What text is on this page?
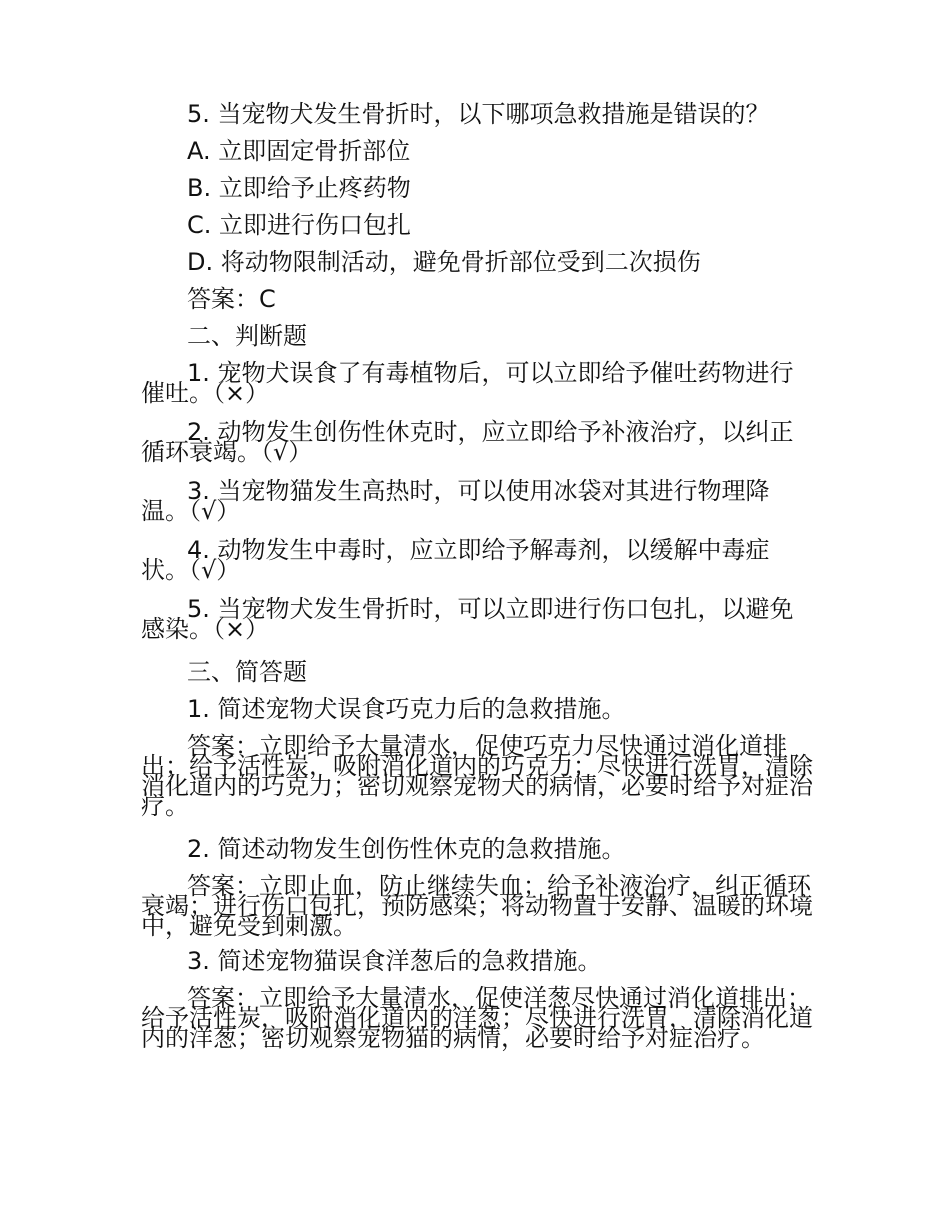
5. 当宠物犬发生骨折时，以下哪项急救措施是错误的？

A. 立即固定骨折部位

B. 立即给予止疼药物

C. 立即进行伤口包扎

D. 将动物限制活动，避免骨折部位受到二次损伤

答案：C

二、判断题

1. 宠物犬误食了有毒植物后，可以立即给予催吐药物进行催吐。（×）

2. 动物发生创伤性休克时，应立即给予补液治疗，以纠正循环衰竭。（√）

3. 当宠物猫发生高热时，可以使用冰袋对其进行物理降温。（√）

4. 动物发生中毒时，应立即给予解毒剂，以缓解中毒症状。（√）

5. 当宠物犬发生骨折时，可以立即进行伤口包扎，以避免感染。（×）

三、简答题

1. 简述宠物犬误食巧克力后的急救措施。

答案：立即给予大量清水，促使巧克力尽快通过消化道排出；给予活性炭，吸附消化道内的巧克力；尽快进行洗胃，清除消化道内的巧克力；密切观察宠物犬的病情，必要时给予对症治疗。

2. 简述动物发生创伤性休克的急救措施。

答案：立即止血，防止继续失血；给予补液治疗，纠正循环衰竭；进行伤口包扎，预防感染；将动物置于安静、温暖的环境中，避免受到刺激。

3. 简述宠物猫误食洋葱后的急救措施。

答案：立即给予大量清水，促使洋葱尽快通过消化道排出；给予活性炭，吸附消化道内的洋葱；尽快进行洗胃，清除消化道内的洋葱；密切观察宠物猫的病情，必要时给予对症治疗。
